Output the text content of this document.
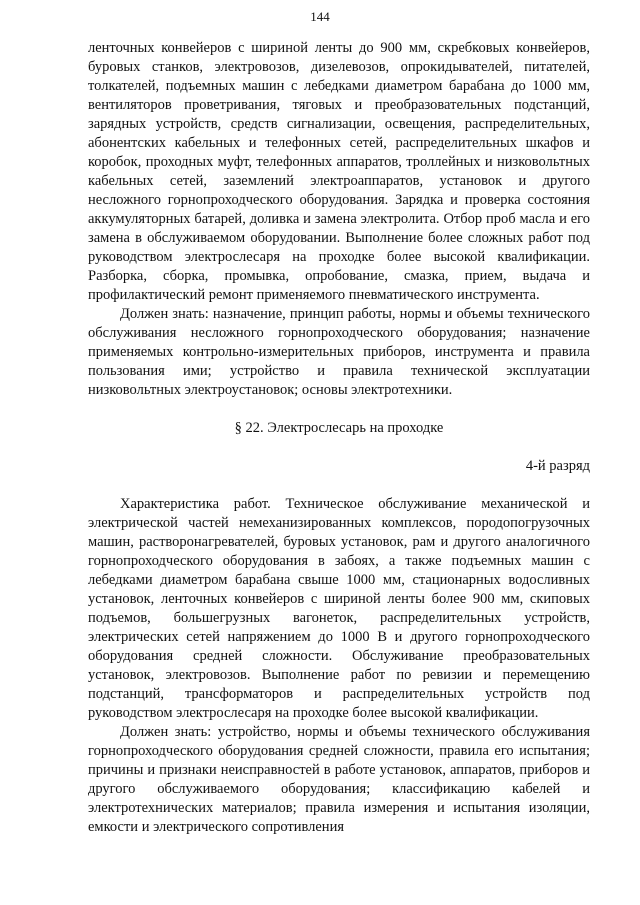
144

ленточных конвейеров с шириной ленты до 900 мм, скребковых конвейеров, буровых станков, электровозов, дизелевозов, опрокидывателей, питателей, толкателей, подъемных машин с лебедками диаметром барабана до 1000 мм, вентиляторов проветривания, тяговых и преобразовательных подстанций, зарядных устройств, средств сигнализации, освещения, распределительных, абонентских кабельных и телефонных сетей, распределительных шкафов и коробок, проходных муфт, телефонных аппаратов, троллейных и низковольтных кабельных сетей, заземлений электроаппаратов, установок и другого несложного горнопроходческого оборудования. Зарядка и проверка состояния аккумуляторных батарей, доливка и замена электролита. Отбор проб масла и его замена в обслуживаемом оборудовании. Выполнение более сложных работ под руководством электрослесаря на проходке более высокой квалификации. Разборка, сборка, промывка, опробование, смазка, прием, выдача и профилактический ремонт применяемого пневматического инструмента.

Должен знать: назначение, принцип работы, нормы и объемы технического обслуживания несложного горнопроходческого оборудования; назначение применяемых контрольно-измерительных приборов, инструмента и правила пользования ими; устройство и правила технической эксплуатации низковольтных электроустановок; основы электротехники.

§ 22. Электрослесарь на проходке

4-й разряд

Характеристика работ. Техническое обслуживание механической и электрической частей немеханизированных комплексов, породопогрузочных машин, растворонагревателей, буровых установок, рам и другого аналогичного горнопроходческого оборудования в забоях, а также подъемных машин с лебедками диаметром барабана свыше 1000 мм, стационарных водосливных установок, ленточных конвейеров с шириной ленты более 900 мм, скиповых подъемов, большегрузных вагонеток, распределительных устройств, электрических сетей напряжением до 1000 В и другого горнопроходческого оборудования средней сложности. Обслуживание преобразовательных установок, электровозов. Выполнение работ по ревизии и перемещению подстанций, трансформаторов и распределительных устройств под руководством электрослесаря на проходке более высокой квалификации.

Должен знать: устройство, нормы и объемы технического обслуживания горнопроходческого оборудования средней сложности, правила его испытания; причины и признаки неисправностей в работе установок, аппаратов, приборов и другого обслуживаемого оборудования; классификацию кабелей и электротехнических материалов; правила измерения и испытания изоляции, емкости и электрического сопротивления
